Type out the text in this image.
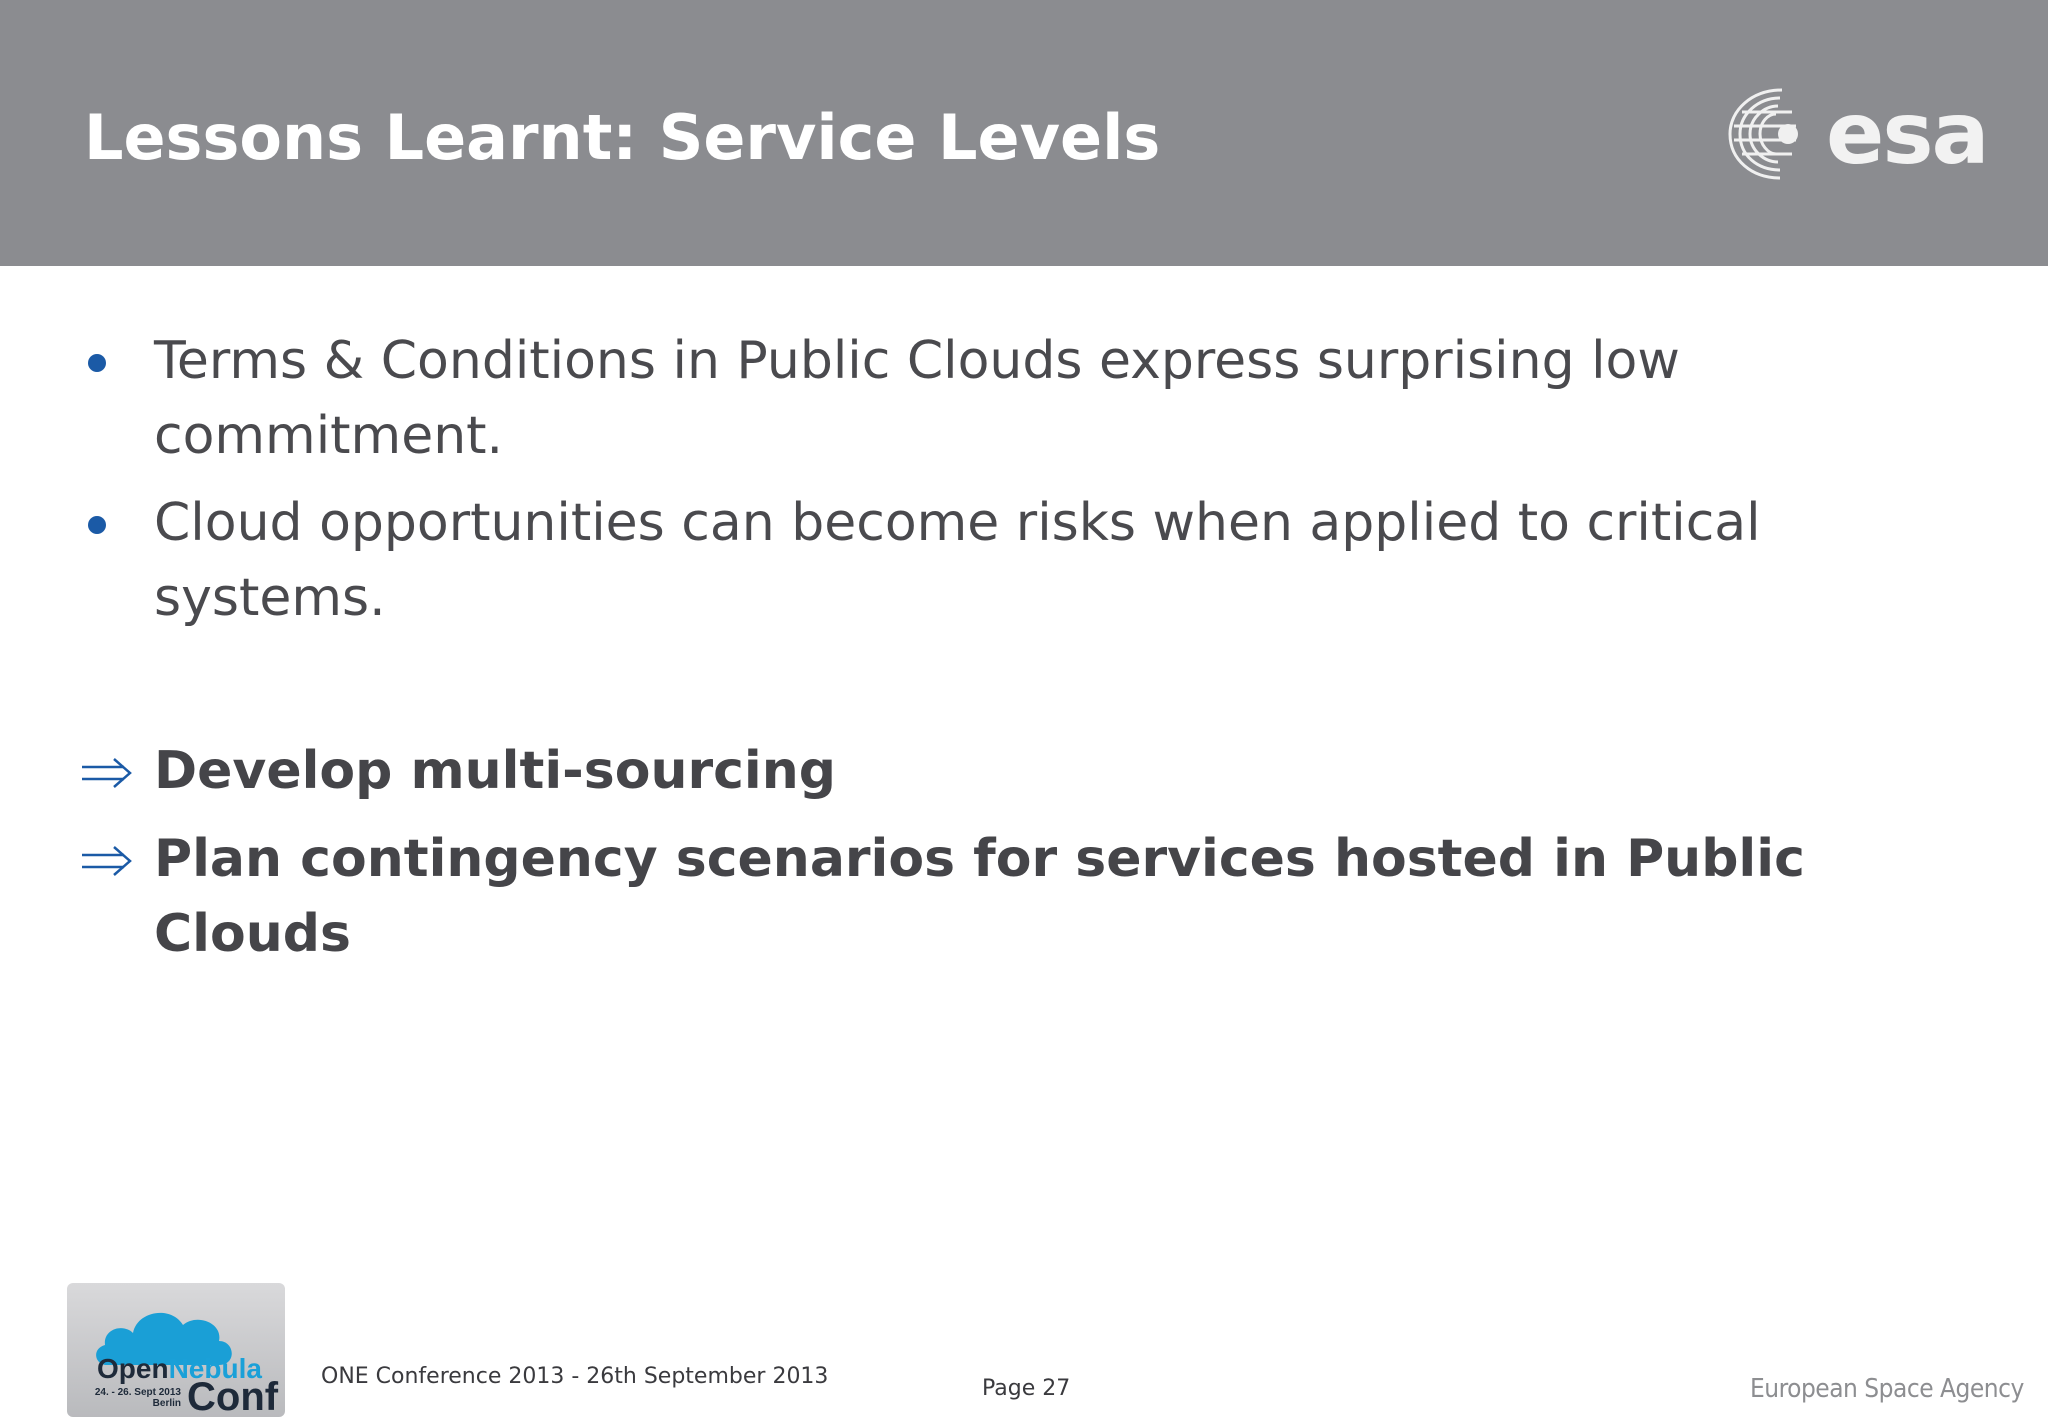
Lessons Learnt: Service Levels	esa
Terms & Conditions in Public Clouds express surprising low commitment.
Cloud opportunities can become risks when applied to critical systems.
Develop multi-sourcing
Plan contingency scenarios for services hosted in Public Clouds
OpenNebula
24. - 26. Sept 2013
Berlin Conf ONE Conference 2013 - 26th September 2013	Page 27	European Space Agency
